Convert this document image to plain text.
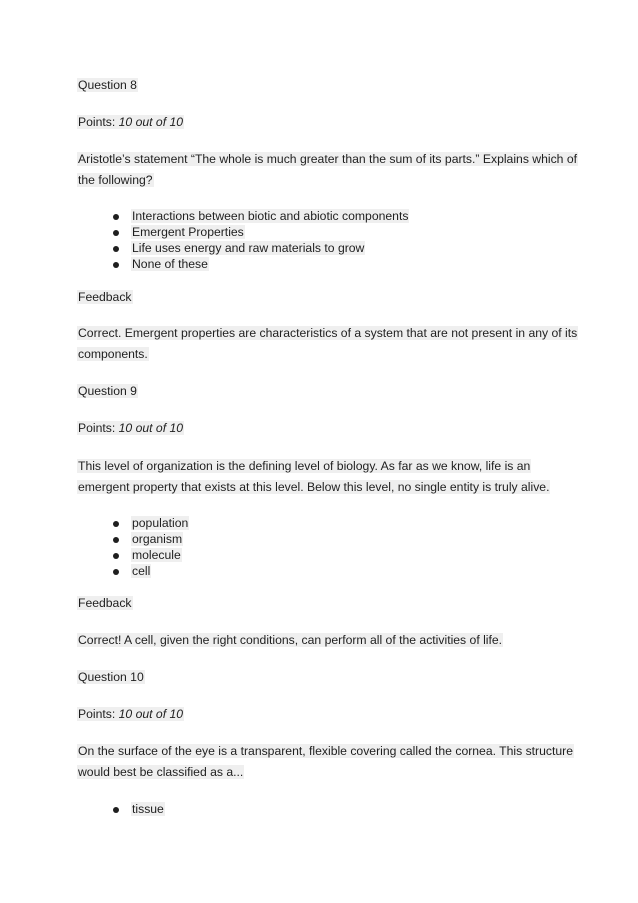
Question 8
Points: 10 out of 10
Aristotle’s statement “The whole is much greater than the sum of its parts.” Explains which of
the following?
Interactions between biotic and abiotic components
Emergent Properties
Life uses energy and raw materials to grow
None of these
Feedback
Correct. Emergent properties are characteristics of a system that are not present in any of its
components.
Question 9
Points: 10 out of 10
This level of organization is the defining level of biology. As far as we know, life is an
emergent property that exists at this level. Below this level, no single entity is truly alive.
population
organism
molecule
cell
Feedback
Correct! A cell, given the right conditions, can perform all of the activities of life.
Question 10
Points: 10 out of 10
On the surface of the eye is a transparent, flexible covering called the cornea. This structure
would best be classified as a...
tissue
